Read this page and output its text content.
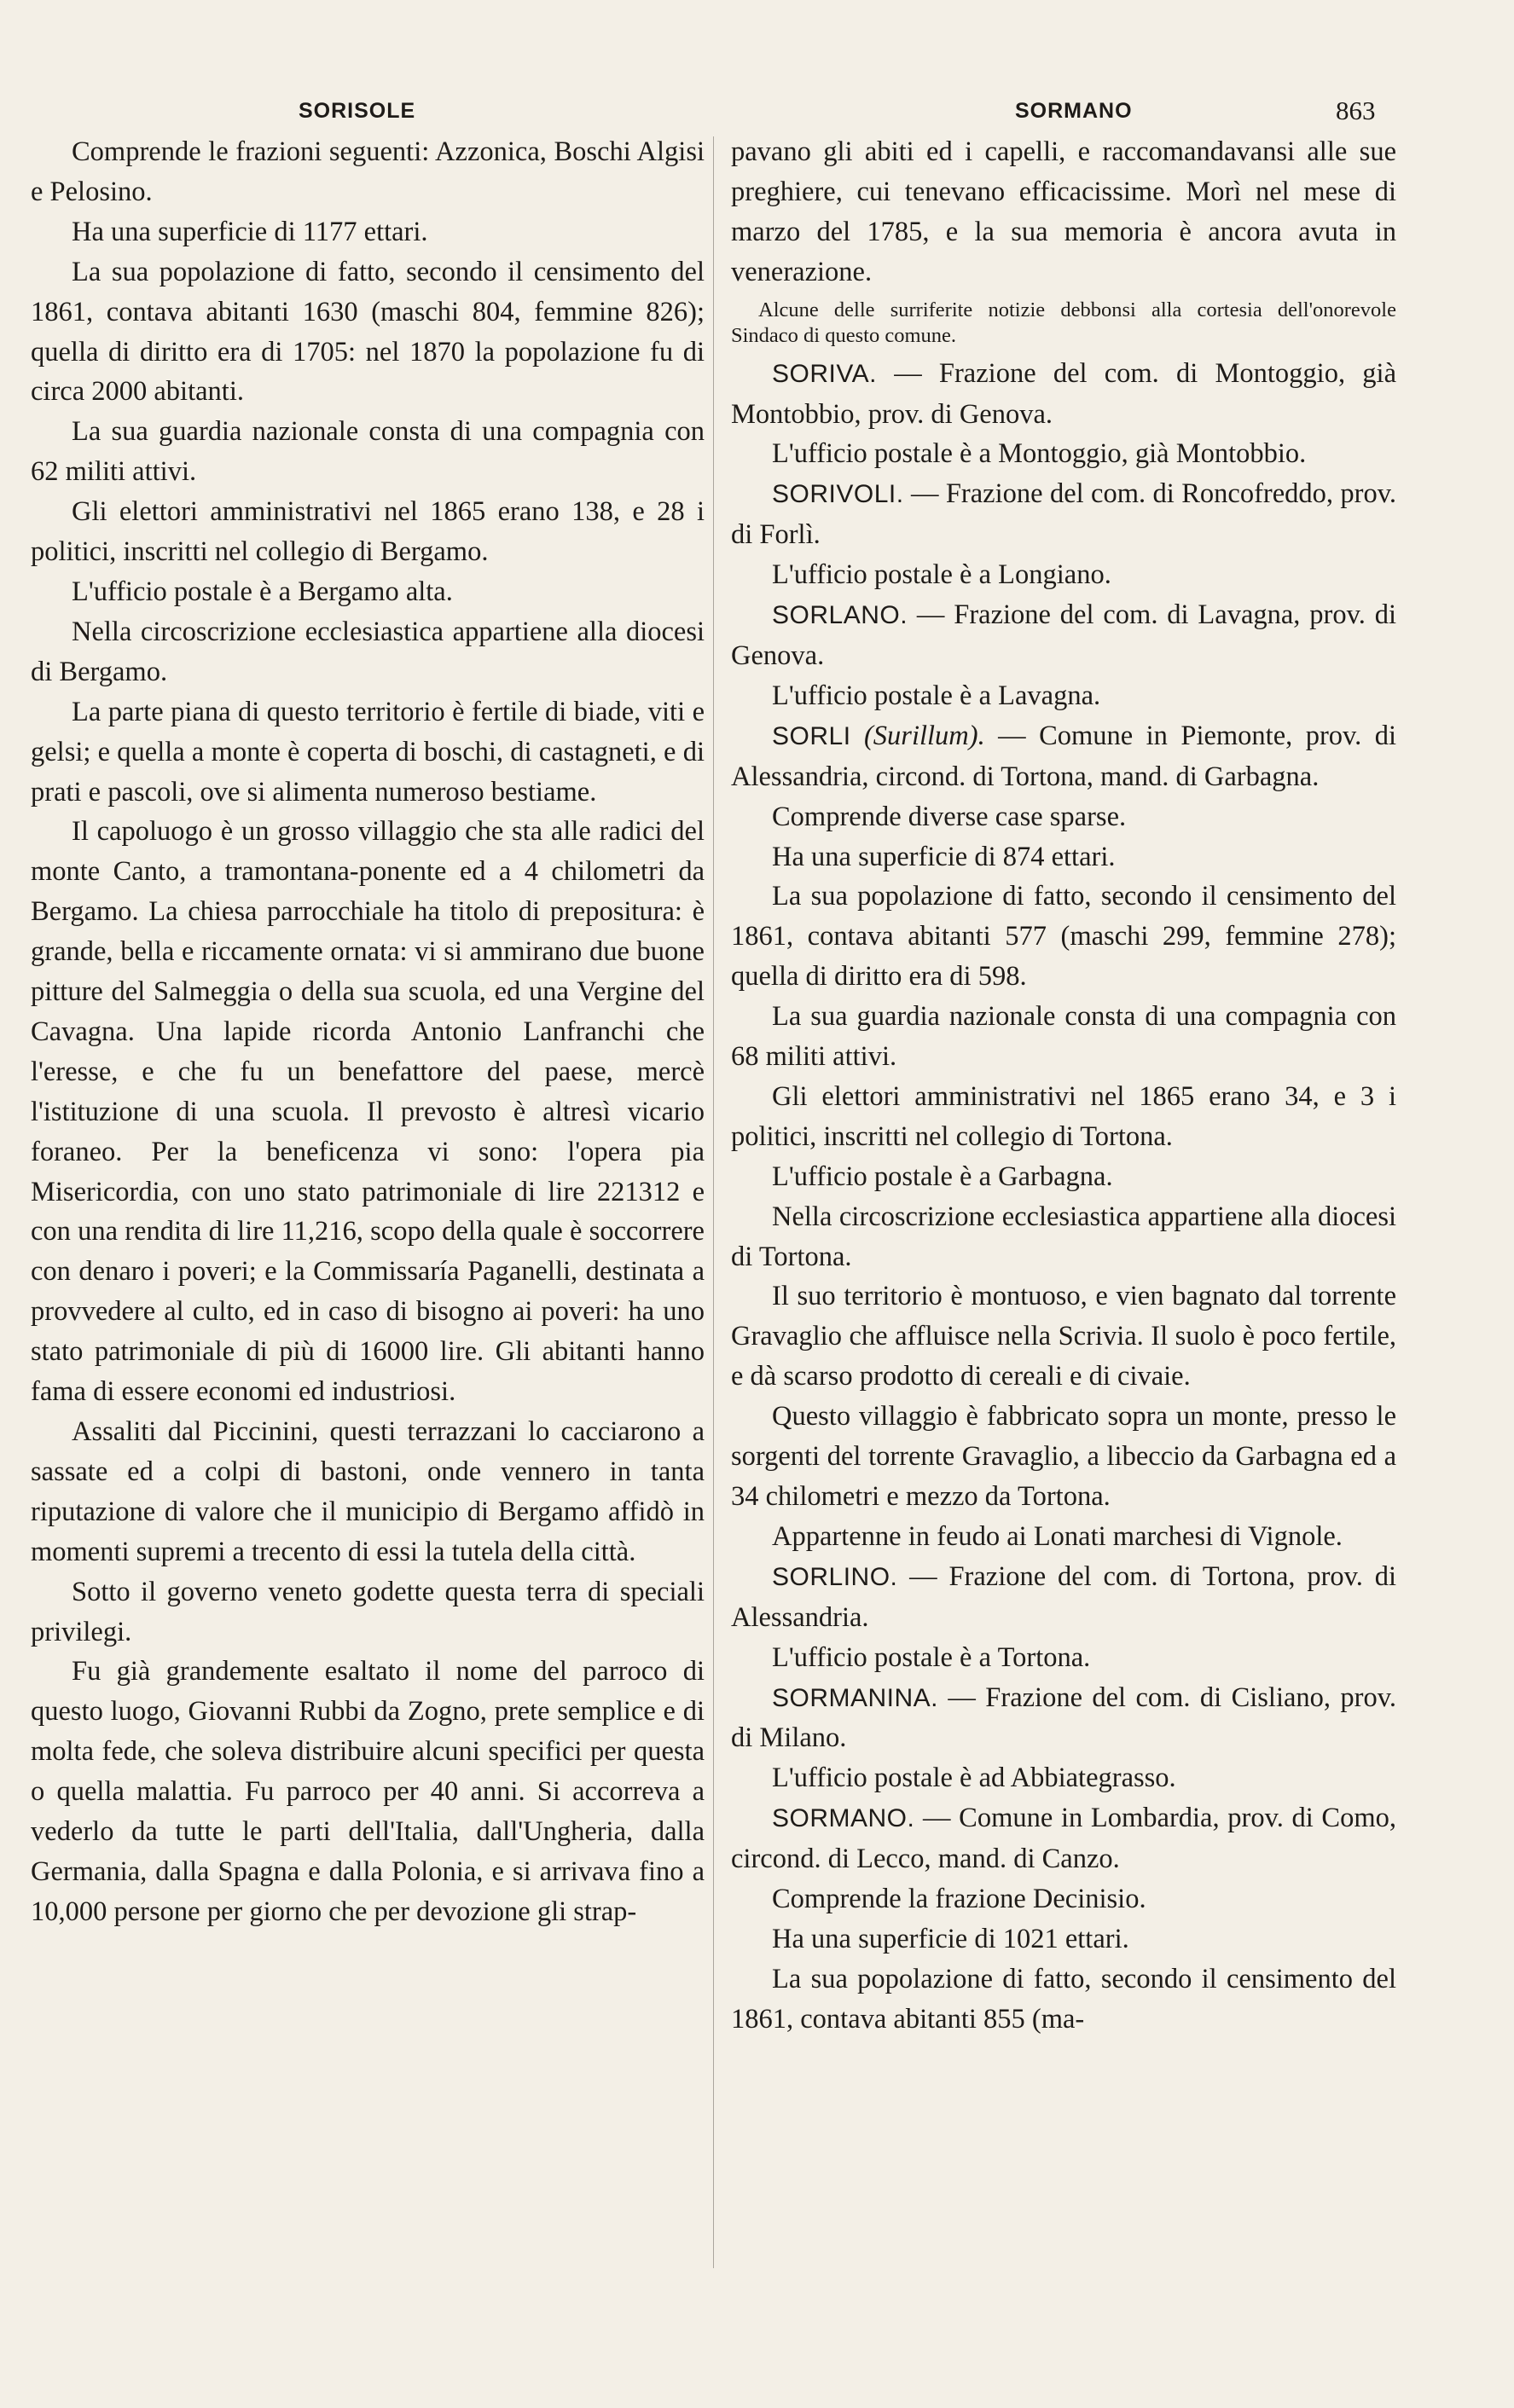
SORISOLE	SORMANO	863

Comprende le frazioni seguenti: Azzonica, Boschi Algisi e Pelosino.

Ha una superficie di 1177 ettari.

La sua popolazione di fatto, secondo il censimento del 1861, contava abitanti 1630 (maschi 804, femmine 826); quella di diritto era di 1705: nel 1870 la popolazione fu di circa 2000 abitanti.

La sua guardia nazionale consta di una compagnia con 62 militi attivi.

Gli elettori amministrativi nel 1865 erano 138, e 28 i politici, inscritti nel collegio di Bergamo.

L'ufficio postale è a Bergamo alta.

Nella circoscrizione ecclesiastica appartiene alla diocesi di Bergamo.

La parte piana di questo territorio è fertile di biade, viti e gelsi; e quella a monte è coperta di boschi, di castagneti, e di prati e pascoli, ove si alimenta numeroso bestiame.

Il capoluogo è un grosso villaggio che sta alle radici del monte Canto, a tramontana-ponente ed a 4 chilometri da Bergamo. La chiesa parrocchiale ha titolo di prepositura: è grande, bella e riccamente ornata: vi si ammirano due buone pitture del Salmeggia o della sua scuola, ed una Vergine del Cavagna. Una lapide ricorda Antonio Lanfranchi che l'eresse, e che fu un benefattore del paese, mercè l'istituzione di una scuola. Il prevosto è altresì vicario foraneo. Per la beneficenza vi sono: l'opera pia Misericordia, con uno stato patrimoniale di lire 221312 e con una rendita di lire 11,216, scopo della quale è soccorrere con denaro i poveri; e la Commissaría Paganelli, destinata a provvedere al culto, ed in caso di bisogno ai poveri: ha uno stato patrimoniale di più di 16000 lire. Gli abitanti hanno fama di essere economi ed industriosi.

Assaliti dal Piccinini, questi terrazzani lo cacciarono a sassate ed a colpi di bastoni, onde vennero in tanta riputazione di valore che il municipio di Bergamo affidò in momenti supremi a trecento di essi la tutela della città.

Sotto il governo veneto godette questa terra di speciali privilegi.

Fu già grandemente esaltato il nome del parroco di questo luogo, Giovanni Rubbi da Zogno, prete semplice e di molta fede, che soleva distribuire alcuni specifici per questa o quella malattia. Fu parroco per 40 anni. Si accorreva a vederlo da tutte le parti dell'Italia, dall'Ungheria, dalla Germania, dalla Spagna e dalla Polonia, e si arrivava fino a 10,000 persone per giorno che per devozione gli strap-

pavano gli abiti ed i capelli, e raccomandavansi alle sue preghiere, cui tenevano efficacissime. Morì nel mese di marzo del 1785, e la sua memoria è ancora avuta in venerazione.

Alcune delle surriferite notizie debbonsi alla cortesia dell'onorevole Sindaco di questo comune.

SORIVA. — Frazione del com. di Montoggio, già Montobbio, prov. di Genova.

L'ufficio postale è a Montoggio, già Montobbio.

SORIVOLI. — Frazione del com. di Roncofreddo, prov. di Forlì.

L'ufficio postale è a Longiano.

SORLANO. — Frazione del com. di Lavagna, prov. di Genova.

L'ufficio postale è a Lavagna.

SORLI (Surillum). — Comune in Piemonte, prov. di Alessandria, circond. di Tortona, mand. di Garbagna.

Comprende diverse case sparse.

Ha una superficie di 874 ettari.

La sua popolazione di fatto, secondo il censimento del 1861, contava abitanti 577 (maschi 299, femmine 278); quella di diritto era di 598.

La sua guardia nazionale consta di una compagnia con 68 militi attivi.

Gli elettori amministrativi nel 1865 erano 34, e 3 i politici, inscritti nel collegio di Tortona.

L'ufficio postale è a Garbagna.

Nella circoscrizione ecclesiastica appartiene alla diocesi di Tortona.

Il suo territorio è montuoso, e vien bagnato dal torrente Gravaglio che affluisce nella Scrivia. Il suolo è poco fertile, e dà scarso prodotto di cereali e di civaie.

Questo villaggio è fabbricato sopra un monte, presso le sorgenti del torrente Gravaglio, a libeccio da Garbagna ed a 34 chilometri e mezzo da Tortona.

Appartenne in feudo ai Lonati marchesi di Vignole.

SORLINO. — Frazione del com. di Tortona, prov. di Alessandria.

L'ufficio postale è a Tortona.

SORMANINA. — Frazione del com. di Cisliano, prov. di Milano.

L'ufficio postale è ad Abbiategrasso.

SORMANO. — Comune in Lombardia, prov. di Como, circond. di Lecco, mand. di Canzo.

Comprende la frazione Decinisio.

Ha una superficie di 1021 ettari.

La sua popolazione di fatto, secondo il censimento del 1861, contava abitanti 855 (ma-
